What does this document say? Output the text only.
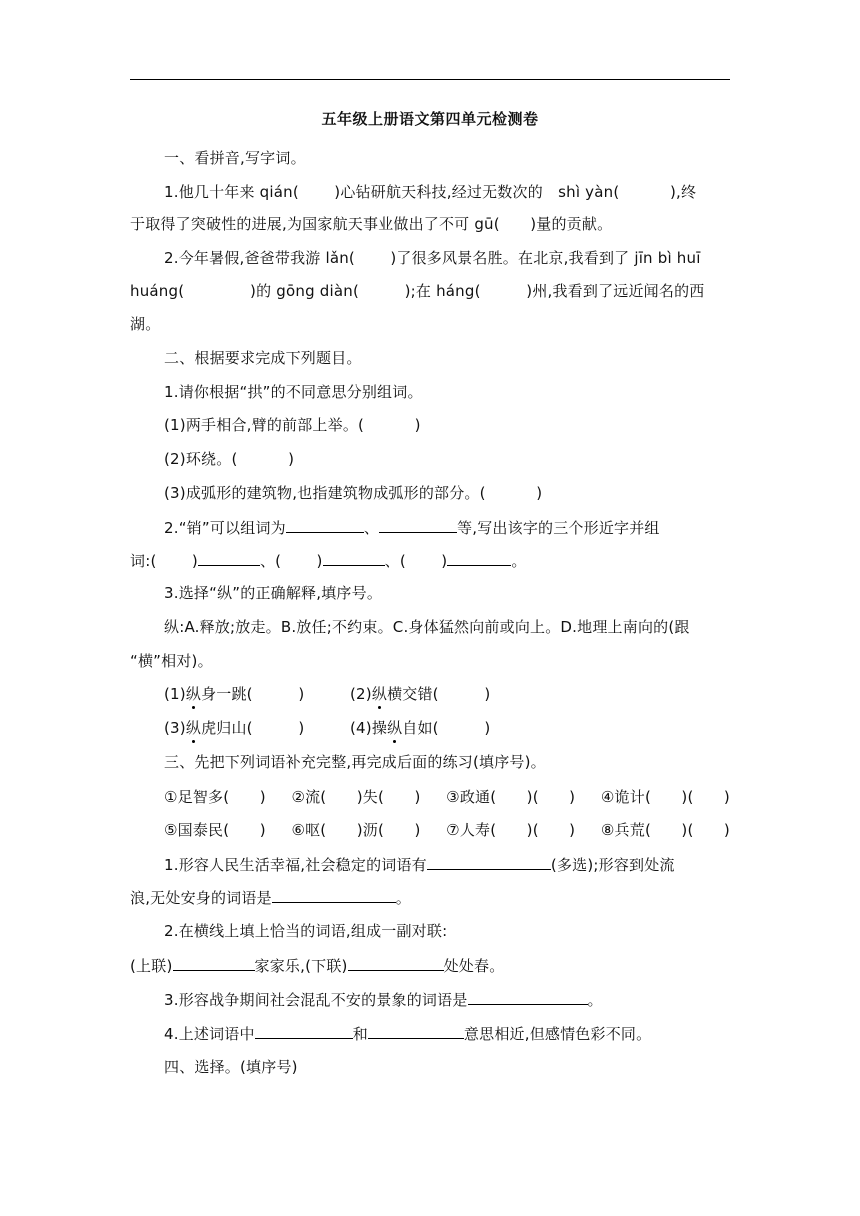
五年级上册语文第四单元检测卷
一、看拼音,写字词。
1.他几十年来 qián(　　 )心钻研航天科技,经过无数次的　shì yàn(　　　 ),终
于取得了突破性的进展,为国家航天事业做出了不可 gū(　　)量的贡献。
2.今年暑假,爸爸带我游 lǎn(　　 )了很多风景名胜。在北京,我看到了 jīn bì huī
huáng(　　　　 )的 gōng diàn(　　　);在 háng(　　　)州,我看到了远近闻名的西
湖。
二、根据要求完成下列题目。
1.请你根据“拱”的不同意思分别组词。
(1)两手相合,臂的前部上举。(　　　 )
(2)环绕。(　　　 )
(3)成弧形的建筑物,也指建筑物成弧形的部分。(　　　 )
2.“销”可以组词为	、	等,写出该字的三个形近字并组
词:(　　 )	、(　　 )	、(　　 )	。
3.选择“纵”的正确解释,填序号。
纵:A.释放;放走。B.放任;不约束。C.身体猛然向前或向上。D.地理上南向的(跟
“横”相对)。
(1)纵身一跳(　　　)	(2)纵横交错(　　　)
(3)纵虎归山(　　　)	(4)操纵自如(　　　)
三、先把下列词语补充完整,再完成后面的练习(填序号)。
①足智多(　　) ②流(　　)失(　　) ③政通(　　)(　　) ④诡计(　　)(　　)
⑤国泰民(　　) ⑥呕(　　)沥(　　) ⑦人寿(　　)(　　) ⑧兵荒(　　)(　　)
1.形容人民生活幸福,社会稳定的词语有	(多选);形容到处流
浪,无处安身的词语是	。
2.在横线上填上恰当的词语,组成一副对联:
(上联)	家家乐,(下联)	处处春。
3.形容战争期间社会混乱不安的景象的词语是	。
4.上述词语中	和	意思相近,但感情色彩不同。
四、选择。(填序号)
